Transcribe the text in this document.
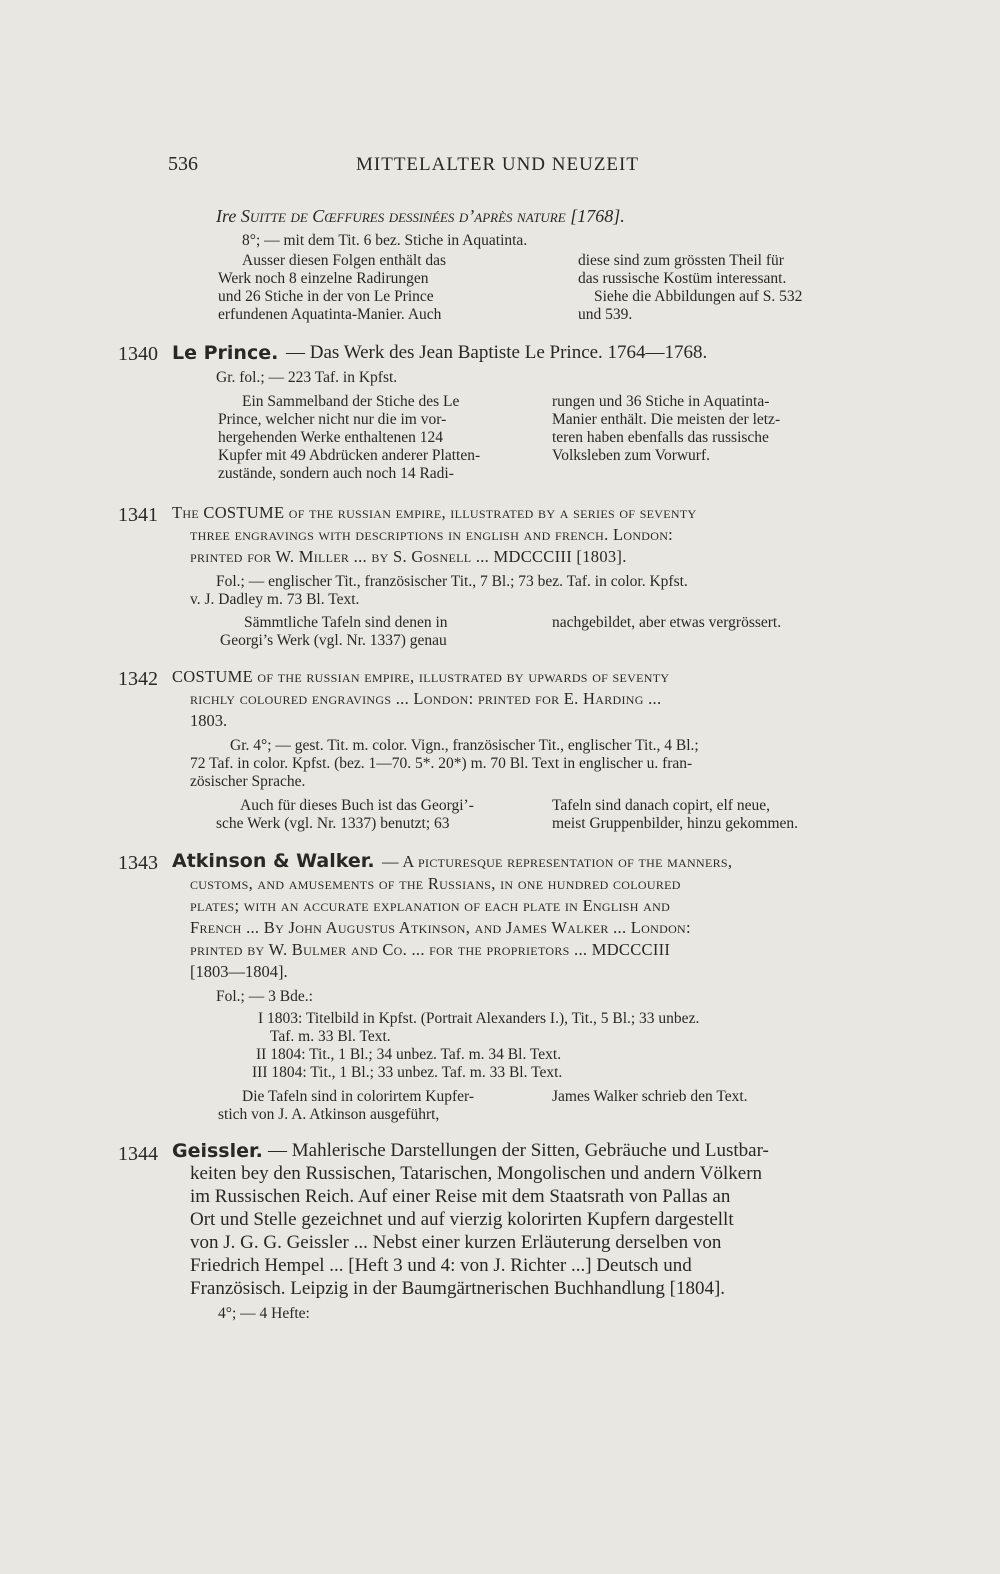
536	MITTELALTER UND NEUZEIT
Ire Suitte de Cœffures dessinées d’après nature [1768].
8°; — mit dem Tit. 6 bez. Stiche in Aquatinta.
Ausser diesen Folgen enthält das
Werk noch 8 einzelne Radirungen
und 26 Stiche in der von Le Prince
erfundenen Aquatinta-Manier. Auch
diese sind zum grössten Theil für
das russische Kostüm interessant.
Siehe die Abbildungen auf S. 532
und 539.
1340 Le Prince. — Das Werk des Jean Baptiste Le Prince. 1764—1768.
Gr. fol.; — 223 Taf. in Kpfst.
Ein Sammelband der Stiche des Le
Prince, welcher nicht nur die im vor-
hergehenden Werke enthaltenen 124
Kupfer mit 49 Abdrücken anderer Platten-
zustände, sondern auch noch 14 Radi-
rungen und 36 Stiche in Aquatinta-
Manier enthält. Die meisten der letz-
teren haben ebenfalls das russische
Volksleben zum Vorwurf.
1341 The COSTUME of the russian empire, illustrated by a series of seventy
three engravings with descriptions in english and french. London:
printed for W. Miller ... by S. Gosnell ... MDCCCIII [1803].
Fol.; — englischer Tit., französischer Tit., 7 Bl.; 73 bez. Taf. in color. Kpfst.
v. J. Dadley m. 73 Bl. Text.
Sämmtliche Tafeln sind denen in
Georgi’s Werk (vgl. Nr. 1337) genau
nachgebildet, aber etwas vergrössert.
1342 COSTUME of the russian empire, illustrated by upwards of seventy
richly coloured engravings ... London: printed for E. Harding ...
1803.
Gr. 4°; — gest. Tit. m. color. Vign., französischer Tit., englischer Tit., 4 Bl.;
72 Taf. in color. Kpfst. (bez. 1—70. 5*. 20*) m. 70 Bl. Text in englischer u. fran-
zösischer Sprache.
Auch für dieses Buch ist das Georgi’-
sche Werk (vgl. Nr. 1337) benutzt; 63
Tafeln sind danach copirt, elf neue,
meist Gruppenbilder, hinzu gekommen.
1343 Atkinson & Walker. — A picturesque representation of the manners,
customs, and amusements of the Russians, in one hundred coloured
plates; with an accurate explanation of each plate in English and
French ... By John Augustus Atkinson, and James Walker ... London:
printed by W. Bulmer and Co. ... for the proprietors ... MDCCCIII
[1803—1804].
Fol.; — 3 Bde.:
I 1803: Titelbild in Kpfst. (Portrait Alexanders I.), Tit., 5 Bl.; 33 unbez.
Taf. m. 33 Bl. Text.
II 1804: Tit., 1 Bl.; 34 unbez. Taf. m. 34 Bl. Text.
III 1804: Tit., 1 Bl.; 33 unbez. Taf. m. 33 Bl. Text.
Die Tafeln sind in colorirtem Kupfer-
stich von J. A. Atkinson ausgeführt,
James Walker schrieb den Text.
1344 Geissler. — Mahlerische Darstellungen der Sitten, Gebräuche und Lustbar-
keiten bey den Russischen, Tatarischen, Mongolischen und andern Völkern
im Russischen Reich. Auf einer Reise mit dem Staatsrath von Pallas an
Ort und Stelle gezeichnet und auf vierzig kolorirten Kupfern dargestellt
von J. G. G. Geissler ... Nebst einer kurzen Erläuterung derselben von
Friedrich Hempel ... [Heft 3 und 4: von J. Richter ...] Deutsch und
Französisch. Leipzig in der Baumgärtnerischen Buchhandlung [1804].
4°; — 4 Hefte:
